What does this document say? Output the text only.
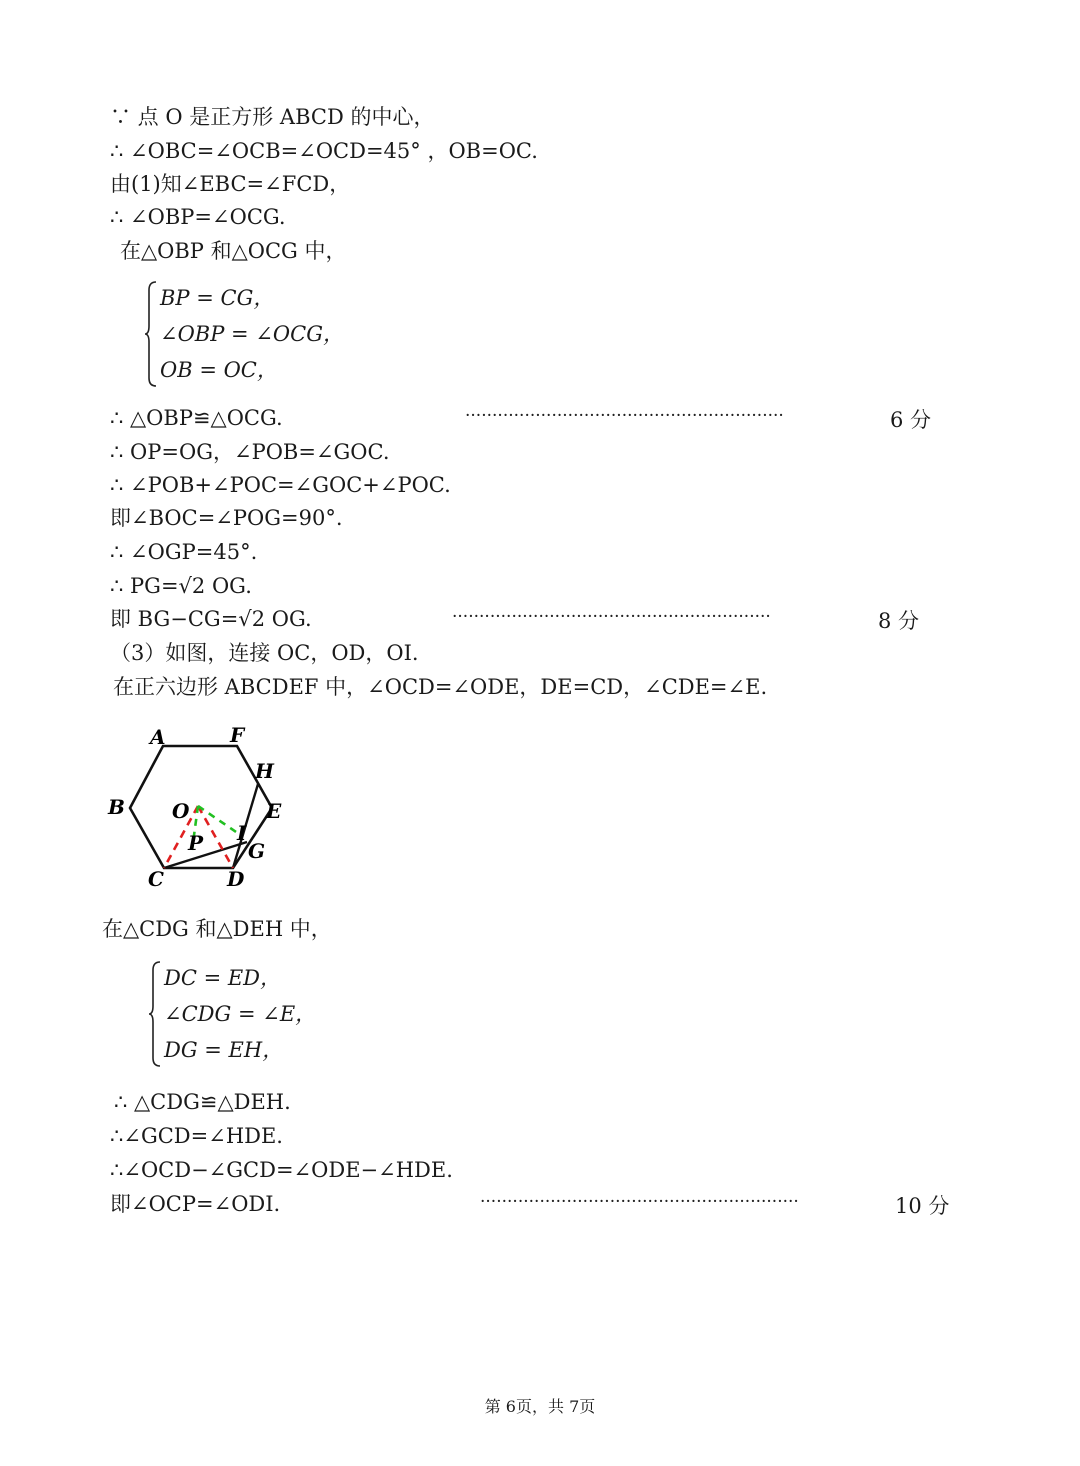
∵ 点 O 是正方形 ABCD 的中心，
∴ ∠OBC=∠OCB=∠OCD=45° ，OB=OC.
由(1)知∠EBC=∠FCD，
∴ ∠OBP=∠OCG.
在△OBP 和△OCG 中，
BP = CG，
∠OBP = ∠OCG，
OB = OC，
∴ △OBP≌△OCG.	···························································	6 分
∴ OP=OG，∠POB=∠GOC.
∴ ∠POB+∠POC=∠GOC+∠POC.
即∠BOC=∠POG=90°.
∴ ∠OGP=45°.
∴ PG=√2 OG.
即 BG−CG=√2 OG.	···························································	8 分
（3）如图，连接 OC，OD，OI.
在正六边形 ABCDEF 中，∠OCD=∠ODE，DE=CD，∠CDE=∠E.
A	F
H
B O	E
I
P G
C	D
在△CDG 和△DEH 中，
DC = ED，
∠CDG = ∠E，
DG = EH，
∴ △CDG≌△DEH.
∴∠GCD=∠HDE.
∴∠OCD−∠GCD=∠ODE−∠HDE.
即∠OCP=∠ODI.	···························································	10 分
第 6页，共 7页
